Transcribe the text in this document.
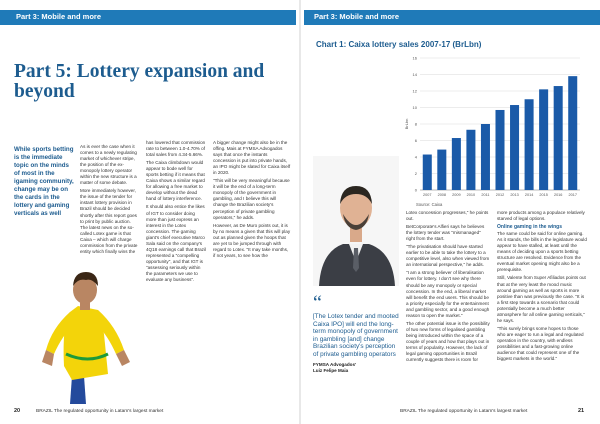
Part 3: Mobile and more	Part 3: Mobile and more
Part 5: Lottery expansion and beyond
While sports betting is the immediate topic on the minds of most in the igaming community, change may be on the cards in the lottery and gaming verticals as well

As is ever the case when it comes to a newly regulating market of whichever stripe, the position of the ex-monopoly lottery operator within the new structure is a matter of some debate.

More immediately however, the issue of the tender for instant lottery provision in Brazil should be decided shortly after this report goes to print by public auction. The latest news on the so-called Lotex game is that Caixa – which will charge commission from the private entity which finally wins the

has lowered that commission rate to between 1.0-4.70% of total sales from 4.34-5.66%.

The Caixa climbdown would appear to bode well for sports betting if it means that Caixa shows a similar regard for allowing a free market to develop without the dead hand of lottery interference.

It should also entice the likes of IGT to consider doing more than just express an interest in the Lotex concession. The gaming giant's chief executive Marco Sala said on the company's 4Q18 earnings call that Brazil represented a "compelling opportunity", and that IGT is "assessing seriously within the parameters we use to evaluate any business".

A bigger change might also be in the offing. Mais at FYMSA Advogados says that once the instants concession is put into private hands, an IPO might be slated for Caixa itself in 2020.

"This will be very meaningful because it will be the end of a long-term monopoly of the government in gambling, and I believe this will change the Brazilian society's perception of private gambling operators," he adds.

However, as De Muro points out, it is by no means a given that this will play out as planned given the hoops that are yet to be jumped through with regard to Lotex. "It may take months, if not years, to see how the

BRAZIL The regulated opportunity in Latam's largest market
20
Chart 1: Caixa lottery sales 2007-17 (BrLbn)
0
2
4
6
8
10
12
14
16
BrLbn
2007 2008 2009 2010 2011 2012 2013 2014 2015 2016 2017
Source: Caixa
“
[The Lotex tender and mooted Caixa IPO] will end the long-term monopoly of government in gambling [and] change Brazilian society's perception of private gambling operators
FYMSA Advogados'
Luiz Felipe Maia

Lotex concession progresses," he points out.

BetCorporate's Alfieri says he believes the lottery tender was "mismanaged" right from the start.

"The privatisation should have started earlier to be able to take the lottery to a competitive level, also when viewed from an international perspective," he adds.

"I am a strong believer of liberalisation even for lottery. I don't see why there should be any monopoly or special concession. In the end, a liberal market will benefit the end users. This should be a priority especially for the entertainment and gambling sector, and a good enough reason to open the market."

The other potential issue is the possibility of two new forms of legalised gambling being introduced within the space of a couple of years and how that plays out in terms of popularity. However, the lack of legal gaming opportunities in Brazil currently suggests there is room for

more products among a populace relatively starved of legal options.

Online gaming in the wings

The same could be said for online gaming. As it stands, the bills in the legislature would appear to have stalled, at least until the means of deciding upon a sports betting structure are resolved. Evidence from the eventual market opening might also be a prerequisite.

Still, Valente from Super Afiliados points out that at the very least the mood music around gaming as well as sports is more positive than was previously the case. "It is a first step towards a scenario that could potentially become a much better atmosphere for all online gaming verticals," he says.

"This surely brings some hopes to those who are eager to run a legal and regulated operation in the country, with endless possibilities and a fast-growing online audience that could represent one of the biggest markets in the world."

BRAZIL The regulated opportunity in Latam's largest market	21
